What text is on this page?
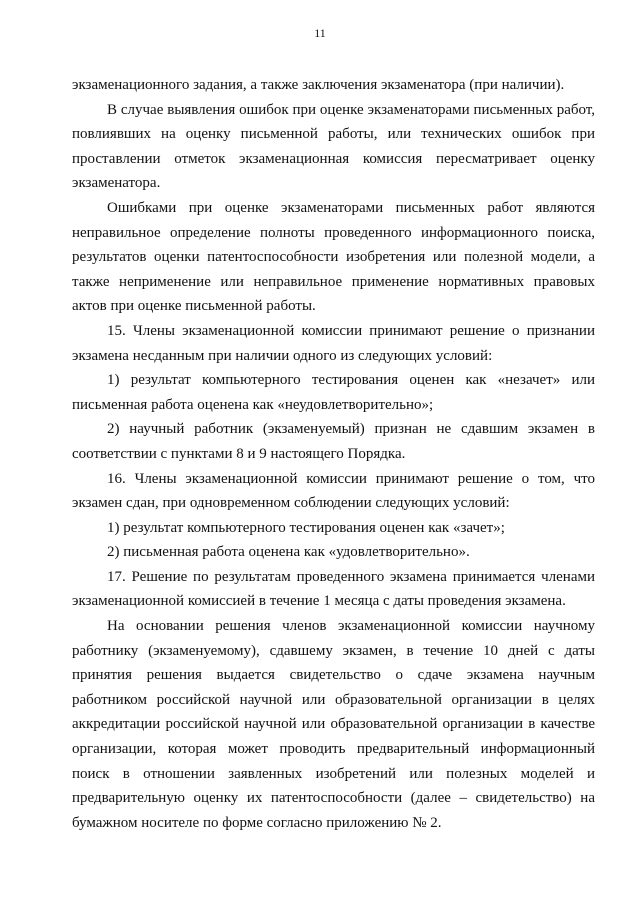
11

экзаменационного задания, а также заключения экзаменатора (при наличии).

В случае выявления ошибок при оценке экзаменаторами письменных работ, повлиявших на оценку письменной работы, или технических ошибок при проставлении отметок экзаменационная комиссия пересматривает оценку экзаменатора.

Ошибками при оценке экзаменаторами письменных работ являются неправильное определение полноты проведенного информационного поиска, результатов оценки патентоспособности изобретения или полезной модели, а также неприменение или неправильное применение нормативных правовых актов при оценке письменной работы.

15. Члены экзаменационной комиссии принимают решение о признании экзамена несданным при наличии одного из следующих условий:

1) результат компьютерного тестирования оценен как «незачет» или письменная работа оценена как «неудовлетворительно»;

2) научный работник (экзаменуемый) признан не сдавшим экзамен в соответствии с пунктами 8 и 9 настоящего Порядка.

16. Члены экзаменационной комиссии принимают решение о том, что экзамен сдан, при одновременном соблюдении следующих условий:

1) результат компьютерного тестирования оценен как «зачет»;

2) письменная работа оценена как «удовлетворительно».

17. Решение по результатам проведенного экзамена принимается членами экзаменационной комиссией в течение 1 месяца с даты проведения экзамена.

На основании решения членов экзаменационной комиссии научному работнику (экзаменуемому), сдавшему экзамен, в течение 10 дней с даты принятия решения выдается свидетельство о сдаче экзамена научным работником российской научной или образовательной организации в целях аккредитации российской научной или образовательной организации в качестве организации, которая может проводить предварительный информационный поиск в отношении заявленных изобретений или полезных моделей и предварительную оценку их патентоспособности (далее – свидетельство) на бумажном носителе по форме согласно приложению № 2.
